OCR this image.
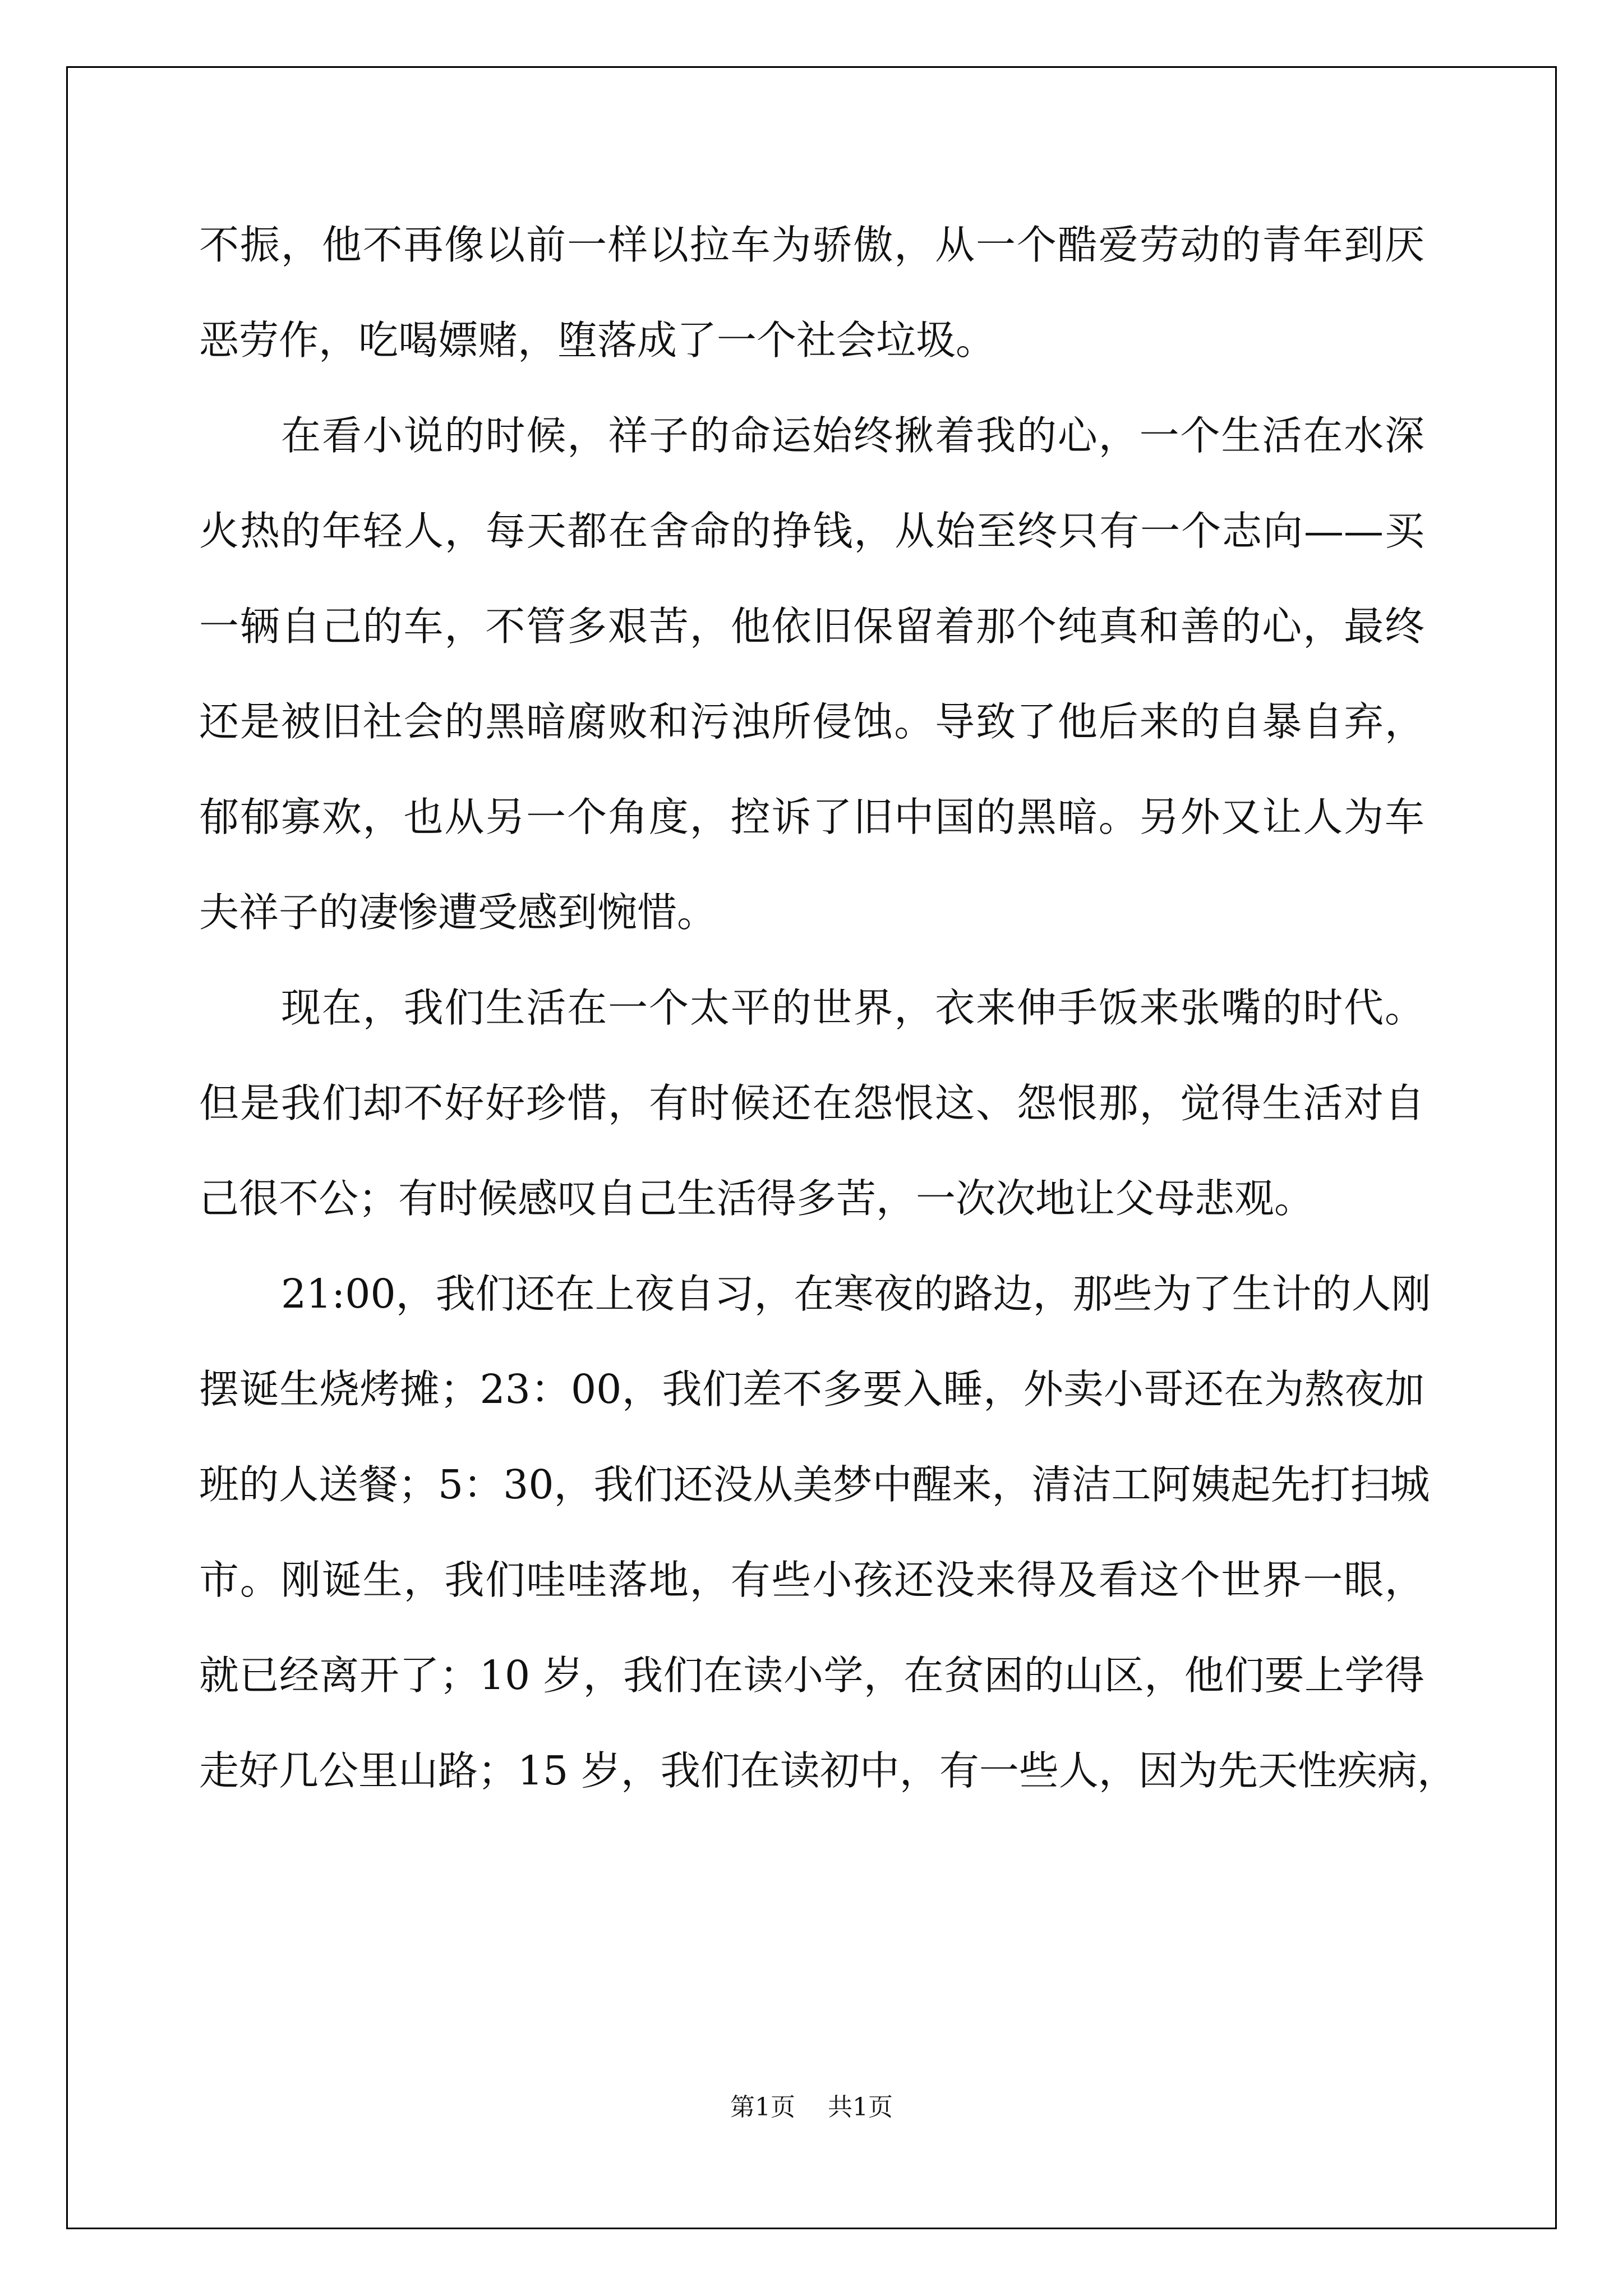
不振，他不再像以前一样以拉车为骄傲，从一个酷爱劳动的青年到厌
恶劳作，吃喝嫖赌，堕落成了一个社会垃圾。
在看小说的时候，祥子的命运始终揪着我的心，一个生活在水深
火热的年轻人，每天都在舍命的挣钱，从始至终只有一个志向——买
一辆自己的车，不管多艰苦，他依旧保留着那个纯真和善的心，最终
还是被旧社会的黑暗腐败和污浊所侵蚀。导致了他后来的自暴自弃，
郁郁寡欢，也从另一个角度，控诉了旧中国的黑暗。另外又让人为车
夫祥子的凄惨遭受感到惋惜。
现在，我们生活在一个太平的世界，衣来伸手饭来张嘴的时代。
但是我们却不好好珍惜，有时候还在怨恨这、怨恨那，觉得生活对自
己很不公；有时候感叹自己生活得多苦，一次次地让父母悲观。
21:00，我们还在上夜自习，在寒夜的路边，那些为了生计的人刚
摆诞生烧烤摊；23：00，我们差不多要入睡，外卖小哥还在为熬夜加
班的人送餐；5：30，我们还没从美梦中醒来，清洁工阿姨起先打扫城
市。刚诞生，我们哇哇落地，有些小孩还没来得及看这个世界一眼，
就已经离开了；10 岁，我们在读小学，在贫困的山区，他们要上学得
走好几公里山路；15 岁，我们在读初中，有一些人，因为先天性疾病，
第1页 共1页
